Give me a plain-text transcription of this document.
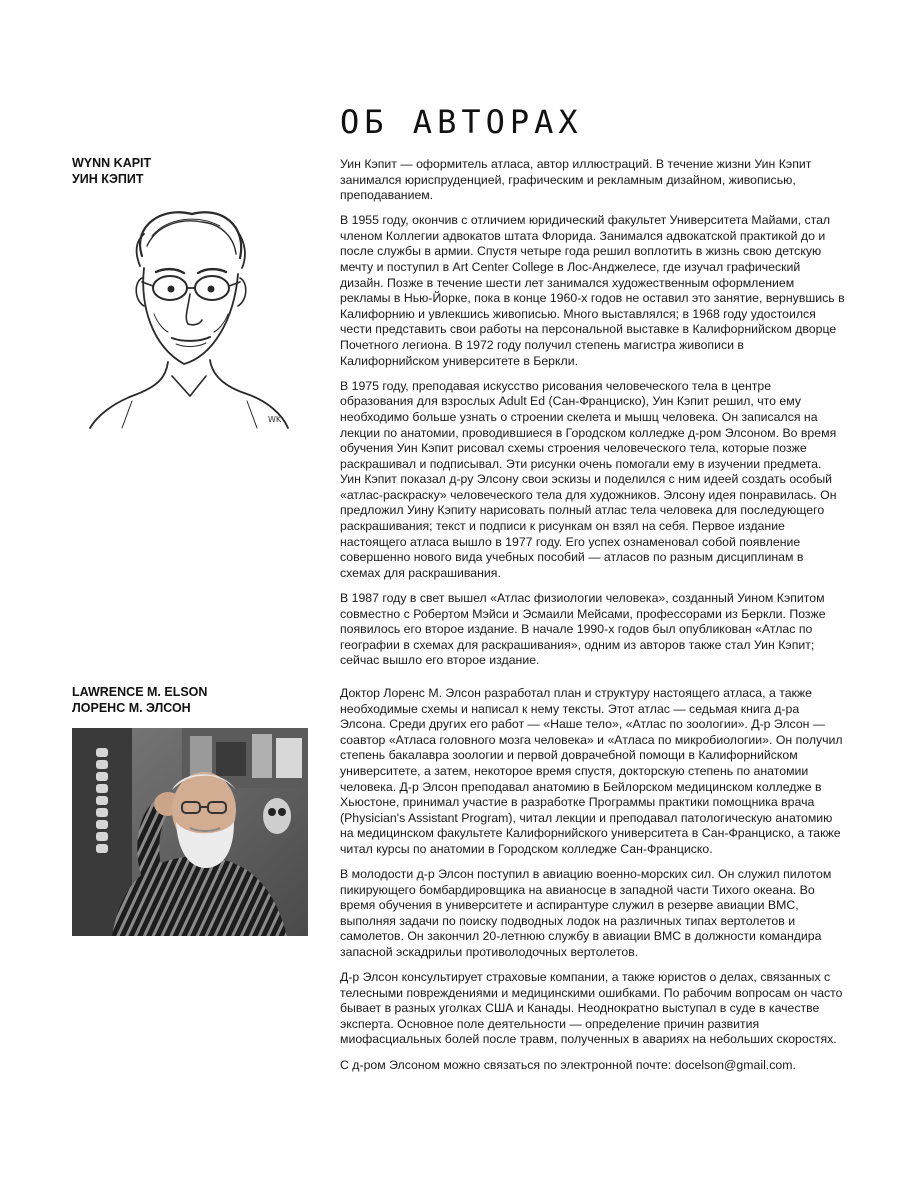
ОБ АВТОРАХ
WYNN KAPIT
УИН КЭПИТ
WK

Уин Кэпит — оформитель атласа, автор иллюстраций. В течение жизни Уин Кэпит занимался юриспруденцией, графическим и рекламным дизайном, живописью, преподаванием.

В 1955 году, окончив с отличием юридический факультет Университета Майами, стал членом Коллегии адвокатов штата Флорида. Занимался адвокатской практикой до и после службы в армии. Спустя четыре года решил воплотить в жизнь свою детскую мечту и поступил в Art Center College в Лос-Анджелесе, где изучал графический дизайн. Позже в течение шести лет занимался художественным оформлением рекламы в Нью-Йорке, пока в конце 1960-х годов не оставил это занятие, вернувшись в Калифорнию и увлекшись живописью. Много выставлялся; в 1968 году удостоился чести представить свои работы на персональной выставке в Калифорнийском дворце Почетного легиона. В 1972 году получил степень магистра живописи в Калифорнийском университете в Беркли.

В 1975 году, преподавая искусство рисования человеческого тела в центре образования для взрослых Adult Ed (Сан-Франциско), Уин Кэпит решил, что ему необходимо больше узнать о строении скелета и мышц человека. Он записался на лекции по анатомии, проводившиеся в Городском колледже д-ром Элсоном. Во время обучения Уин Кэпит рисовал схемы строения человеческого тела, которые позже раскрашивал и подписывал. Эти рисунки очень помогали ему в изучении предмета. Уин Кэпит показал д-ру Элсону свои эскизы и поделился с ним идеей создать особый «атлас-раскраску» человеческого тела для художников. Элсону идея понравилась. Он предложил Уину Кэпиту нарисовать полный атлас тела человека для последующего раскрашивания; текст и подписи к рисункам он взял на себя. Первое издание настоящего атласа вышло в 1977 году. Его успех ознаменовал собой появление совершенно нового вида учебных пособий — атласов по разным дисциплинам в схемах для раскрашивания.

В 1987 году в свет вышел «Атлас физиологии человека», созданный Уином Кэпитом совместно с Робертом Мэйси и Эсмаили Мейсами, профессорами из Беркли. Позже появилось его второе издание. В начале 1990-х годов был опубликован «Атлас по географии в схемах для раскрашивания», одним из авторов также стал Уин Кэпит; сейчас вышло его второе издание.

LAWRENCE M. ELSON
ЛОРЕНС М. ЭЛСОН

Доктор Лоренс М. Элсон разработал план и структуру настоящего атласа, а также необходимые схемы и написал к нему тексты. Этот атлас — седьмая книга д-ра Элсона. Среди других его работ — «Наше тело», «Атлас по зоологии». Д-р Элсон — соавтор «Атласа головного мозга человека» и «Атласа по микробиологии». Он получил степень бакалавра зоологии и первой доврачебной помощи в Калифорнийском университете, а затем, некоторое время спустя, докторскую степень по анатомии человека. Д-р Элсон преподавал анатомию в Бейлорском медицинском колледже в Хьюстоне, принимал участие в разработке Программы практики помощника врача (Physician's Assistant Program), читал лекции и преподавал патологическую анатомию на медицинском факультете Калифорнийского университета в Сан-Франциско, а также читал курсы по анатомии в Городском колледже Сан-Франциско.

В молодости д-р Элсон поступил в авиацию военно-морских сил. Он служил пилотом пикирующего бомбардировщика на авианосце в западной части Тихого океана. Во время обучения в университете и аспирантуре служил в резерве авиации ВМС, выполняя задачи по поиску подводных лодок на различных типах вертолетов и самолетов. Он закончил 20-летнюю службу в авиации ВМС в должности командира запасной эскадрильи противолодочных вертолетов.

Д-р Элсон консультирует страховые компании, а также юристов о делах, связанных с телесными повреждениями и медицинскими ошибками. По рабочим вопросам он часто бывает в разных уголках США и Канады. Неоднократно выступал в суде в качестве эксперта. Основное поле деятельности — определение причин развития миофасциальных болей после травм, полученных в авариях на небольших скоростях.

С д-ром Элсоном можно связаться по электронной почте: docelson@gmail.com.
